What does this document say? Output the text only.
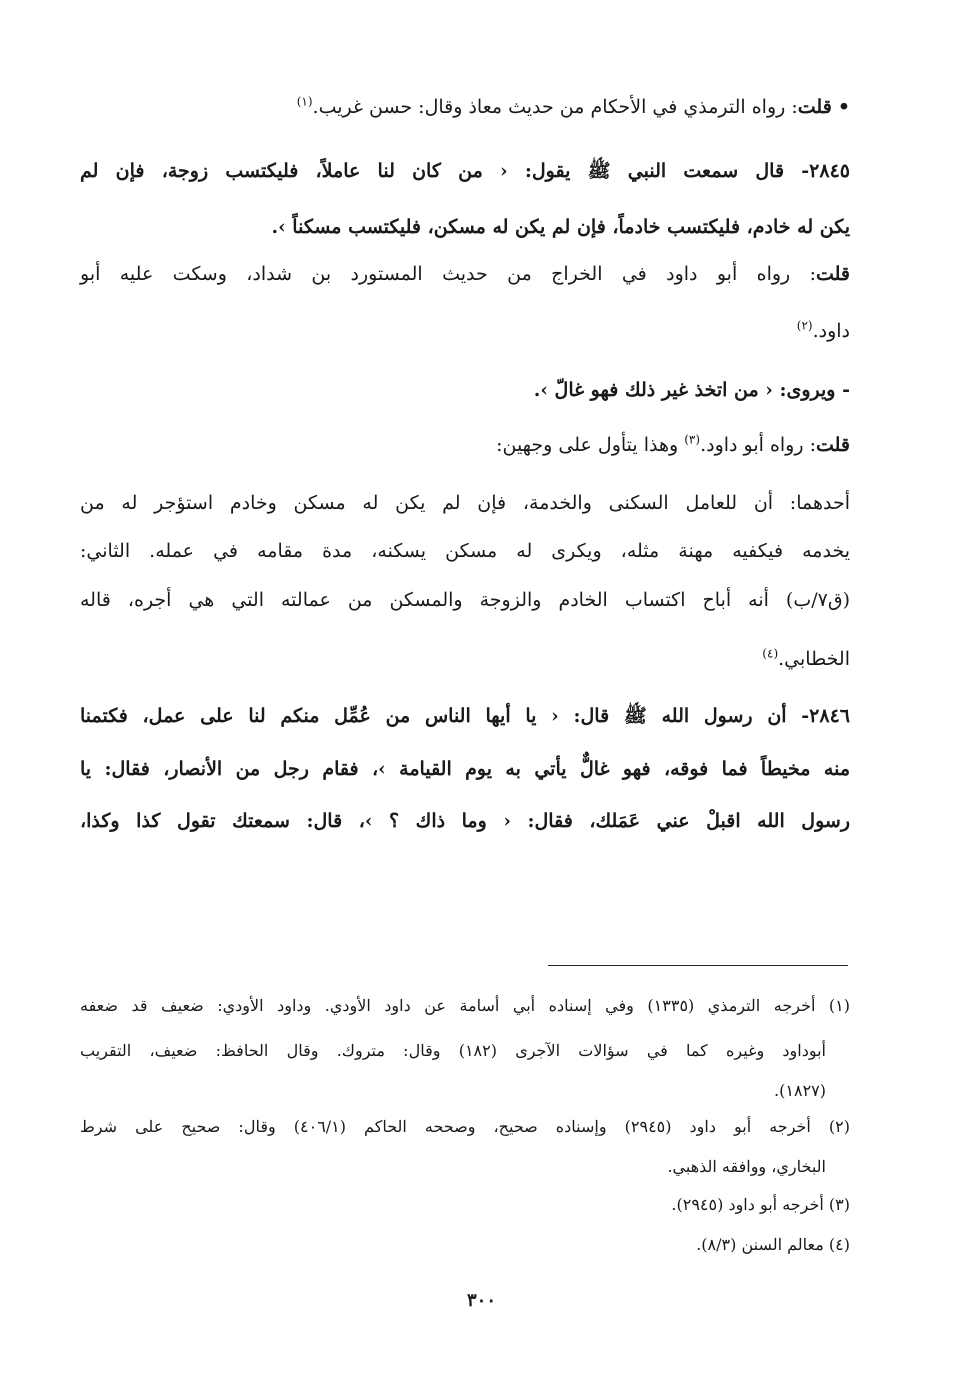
• قلت: رواه الترمذي في الأحكام من حديث معاذ وقال: حسن غريب.$^{(١)}$
٢٨٤٥- قال سمعت النبي ﷺ يقول: ‹ من كان لنا عاملاً، فليكتسب زوجة، فإن لم
يكن له خادم، فليكتسب خادماً، فإن لم يكن له مسكن، فليكتسب مسكناً ›.
قلت: رواه أبو داود في الخراج من حديث المستورد بن شداد، وسكت عليه أبو
داود.$^{(٢)}$
- ويروى: ‹ من اتخذ غير ذلك فهو غالّ ›.
قلت: رواه أبو داود.$^{(٣)}$ وهذا يتأول على وجهين:
أحدهما: أن للعامل السكنى والخدمة، فإن لم يكن له مسكن وخادم استؤجر له من
يخدمه فيكفيه مهنة مثله، ويكرى له مسكن يسكنه، مدة مقامه في عمله. الثاني:
(ق٧/ب) أنه أباح اكتساب الخادم والزوجة والمسكن من عمالته التي هي أجره، قاله
الخطابي.$^{(٤)}$
٢٨٤٦- أن رسول الله ﷺ قال: ‹ يا أيها الناس من عُمِّل منكم لنا على عمل، فكتمنا
منه مخيطاً فما فوقه، فهو غالٌّ يأتي به يوم القيامة ›، فقام رجل من الأنصار، فقال: يا
رسول الله اقبلْ عني عَمَلك، فقال: ‹ وما ذاك ؟ ›، قال: سمعتك تقول كذا وكذا،
(١) أخرجه الترمذي (١٣٣٥) وفي إسناده أبي أسامة عن داود الأودي. وداود الأودي: ضعيف قد ضعفه
أبوداود وغيره كما في سؤالات الآجرى (١٨٢) وقال: متروك. وقال الحافظ: ضعيف، التقريب
(١٨٢٧).
(٢) أخرجه أبو داود (٢٩٤٥) وإسناده صحيح، وصححه الحاكم (٤٠٦/١) وقال: صحيح على شرط
البخاري، ووافقه الذهبي.
(٣) أخرجه أبو داود (٢٩٤٥).
(٤) معالم السنن (٨/٣).
٣٠٠
